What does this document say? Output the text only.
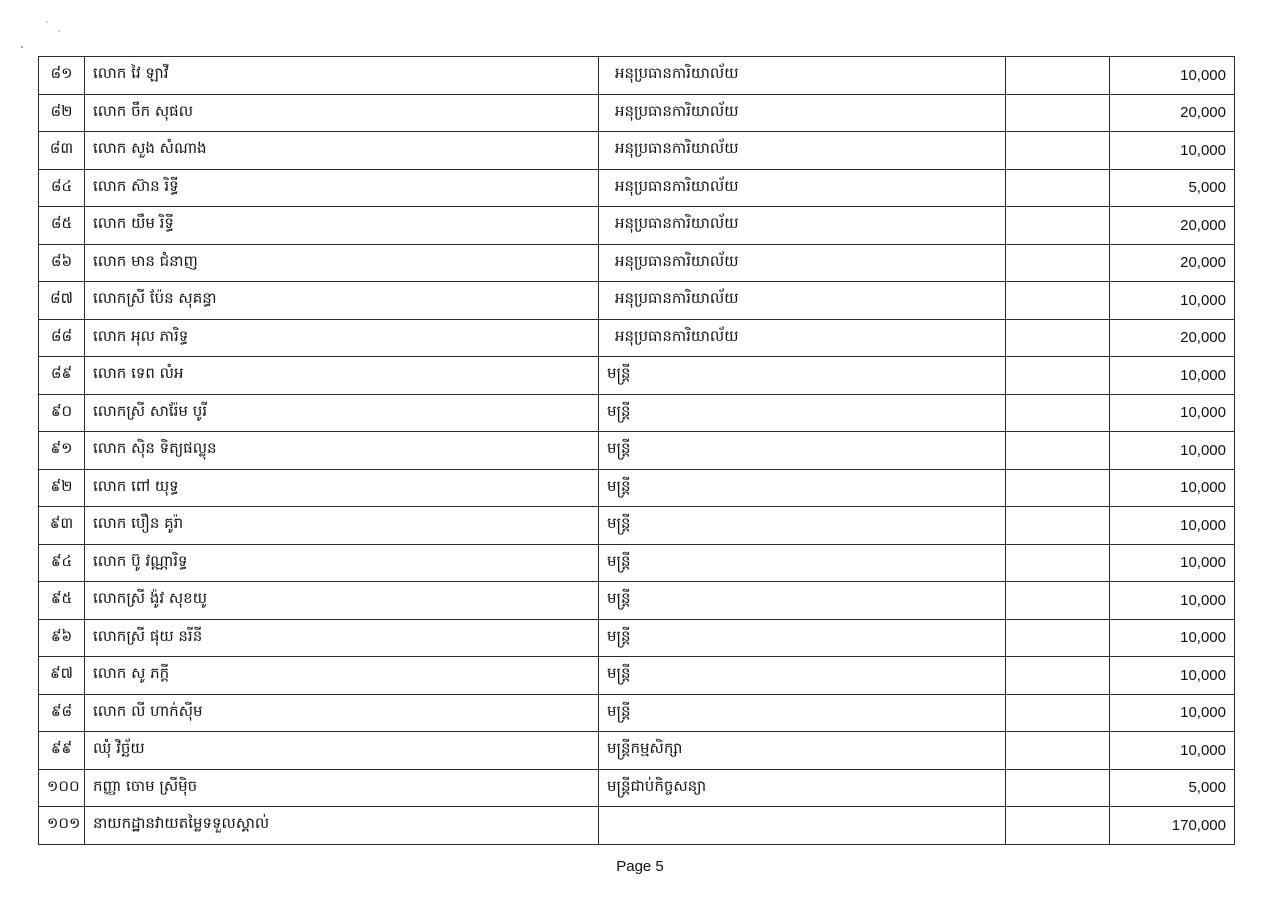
៨១	លោក វៃ ឡាវី	អនុប្រធានការិយាល័យ		10,000
៨២	លោក ចឹក សុផល	អនុប្រធានការិយាល័យ		20,000
៨៣	លោក សួង សំណាង	អនុប្រធានការិយាល័យ		10,000
៨៤	លោក ស៊ាន រិទ្ធី	អនុប្រធានការិយាល័យ		5,000
៨៥	លោក យឹម រិទ្ធី	អនុប្រធានការិយាល័យ		20,000
៨៦	លោក មាន ជំនាញ	អនុប្រធានការិយាល័យ		20,000
៨៧	លោកស្រី ប៉ែន សុគន្ធា	អនុប្រធានការិយាល័យ		10,000
៨៨	លោក អុល ភារិទ្ធ	អនុប្រធានការិយាល័យ		20,000
៨៩	លោក ទេព លំអ	មន្ត្រី		10,000
៩០	លោកស្រី សារ៉ែម បូរី	មន្ត្រី		10,000
៩១	លោក ស៊ិន ទិត្យផល្លុន	មន្ត្រី		10,000
៩២	លោក ពៅ យុទ្ធ	មន្ត្រី		10,000
៩៣	លោក បឿន គូរ៉ា	មន្ត្រី		10,000
៩៤	លោក ប៊ូ វណ្ណារិទ្ធ	មន្ត្រី		10,000
៩៥	លោកស្រី ង៉ូវ សុខយូ	មន្ត្រី		10,000
៩៦	លោកស្រី ផុយ នរីនី	មន្ត្រី		10,000
៩៧	លោក សូ ភក្តី	មន្ត្រី		10,000
៩៨	លោក លី ហាក់ស៊ីម	មន្ត្រី		10,000
៩៩	ឈុំ វិច្ឆ័យ	មន្ត្រីកម្មសិក្សា		10,000
១០០	កញ្ញា ចោម ស្រីម៉ិច	មន្ត្រីជាប់កិច្ចសន្យា		5,000
១០១	នាយកដ្ឋានវាយតម្លៃទទួលស្គាល់			170,000
Page 5
